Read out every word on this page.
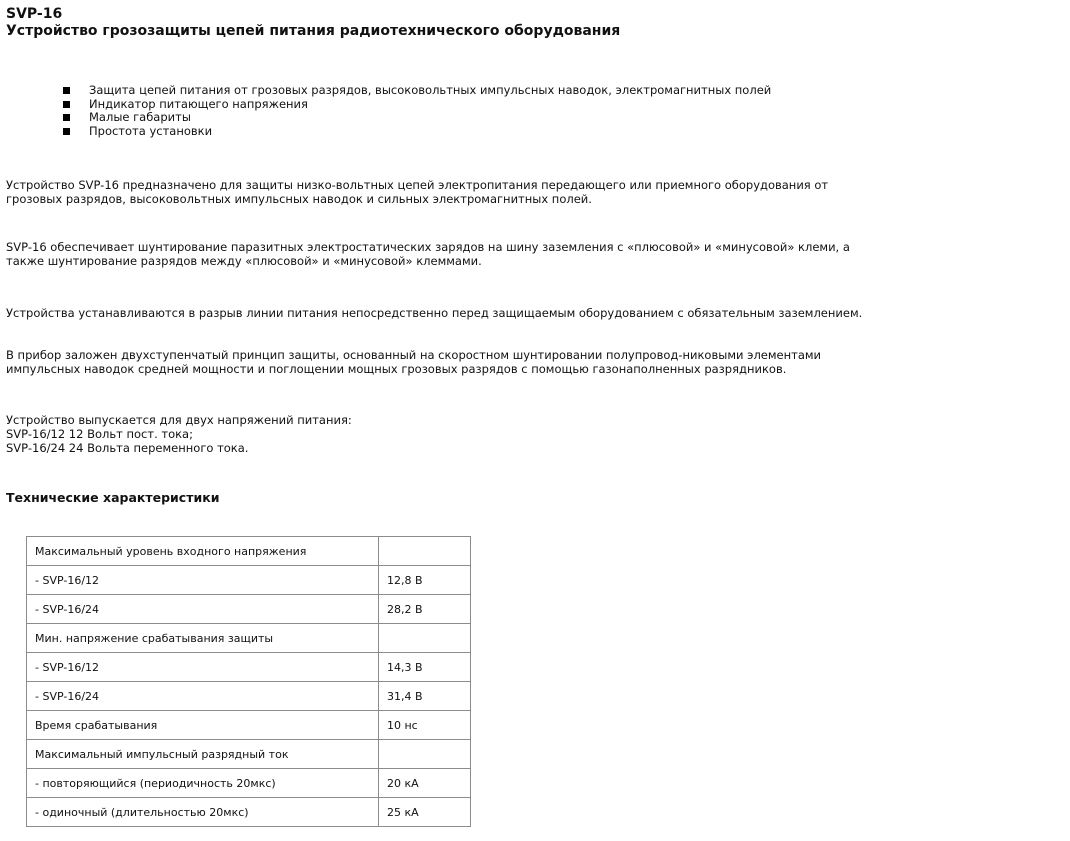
SVP-16

Устройство грозозащиты цепей питания радиотехнического оборудования

Защита цепей питания от грозовых разрядов, высоковольтных импульсных наводок, электромагнитных полей
Индикатор питающего напряжения
Малые габариты
Простота установки

Устройство SVP-16 предназначено для защиты низко-вольтных цепей электропитания передающего или приемного оборудования от
грозовых разрядов, высоковольтных импульсных наводок и сильных электромагнитных полей.

SVP-16 обеспечивает шунтирование паразитных электростатических зарядов на шину заземления с «плюсовой» и «минусовой» клеми, а
также шунтирование разрядов между «плюсовой» и «минусовой» клеммами.

Устройства устанавливаются в разрыв линии питания непосредственно перед защищаемым оборудованием с обязательным заземлением.

В прибор заложен двухступенчатый принцип защиты, основанный на скоростном шунтировании полупровод-никовыми элементами
импульсных наводок средней мощности и поглощении мощных грозовых разрядов с помощью газонаполненных разрядников.

Устройство выпускается для двух напряжений питания:
SVP-16/12 12 Вольт пост. тока;
SVP-16/24 24 Вольта переменного тока.

Технические характеристики

Максимальный уровень входного напряжения	
- SVP-16/12	12,8 В
- SVP-16/24	28,2 В
Мин. напряжение срабатывания защиты	
- SVP-16/12	14,3 В
- SVP-16/24	31,4 В
Время срабатывания	10 нс
Максимальный импульсный разрядный ток	
- повторяющийся (периодичность 20мкс)	20 кА
- одиночный (длительностью 20мкс)	25 кА
